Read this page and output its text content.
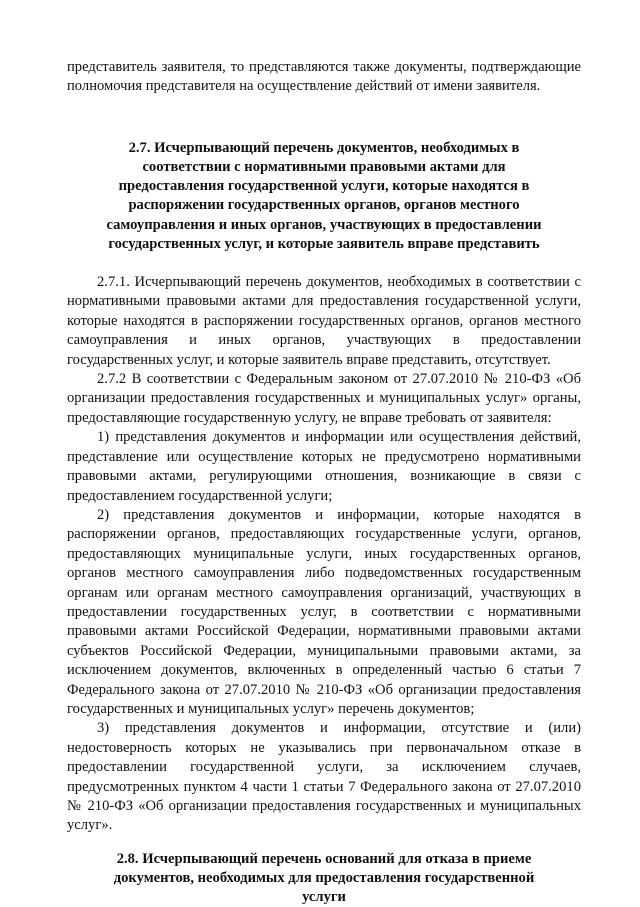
представитель заявителя, то представляются также документы, подтверждающие полномочия представителя на осуществление действий от имени заявителя.

2.7. Исчерпывающий перечень документов, необходимых в соответствии с нормативными правовыми актами для предоставления государственной услуги, которые находятся в распоряжении государственных органов, органов местного самоуправления и иных органов, участвующих в предоставлении государственных услуг, и которые заявитель вправе представить

2.7.1. Исчерпывающий перечень документов, необходимых в соответствии с нормативными правовыми актами для предоставления государственной услуги, которые находятся в распоряжении государственных органов, органов местного самоуправления и иных органов, участвующих в предоставлении государственных услуг, и которые заявитель вправе представить, отсутствует.

2.7.2 В соответствии с Федеральным законом от 27.07.2010 № 210-ФЗ «Об организации предоставления государственных и муниципальных услуг» органы, предоставляющие государственную услугу, не вправе требовать от заявителя:

1) представления документов и информации или осуществления действий, представление или осуществление которых не предусмотрено нормативными правовыми актами, регулирующими отношения, возникающие в связи с предоставлением государственной услуги;

2) представления документов и информации, которые находятся в распоряжении органов, предоставляющих государственные услуги, органов, предоставляющих муниципальные услуги, иных государственных органов, органов местного самоуправления либо подведомственных государственным органам или органам местного самоуправления организаций, участвующих в предоставлении государственных услуг, в соответствии с нормативными правовыми актами Российской Федерации, нормативными правовыми актами субъектов Российской Федерации, муниципальными правовыми актами, за исключением документов, включенных в определенный частью 6 статьи 7 Федерального закона от 27.07.2010 № 210-ФЗ «Об организации предоставления государственных и муниципальных услуг» перечень документов;

3) представления документов и информации, отсутствие и (или) недостоверность которых не указывались при первоначальном отказе в предоставлении государственной услуги, за исключением случаев, предусмотренных пунктом 4 части 1 статьи 7 Федерального закона от 27.07.2010 № 210-ФЗ «Об организации предоставления государственных и муниципальных услуг».

2.8. Исчерпывающий перечень оснований для отказа в приеме документов, необходимых для предоставления государственной услуги
